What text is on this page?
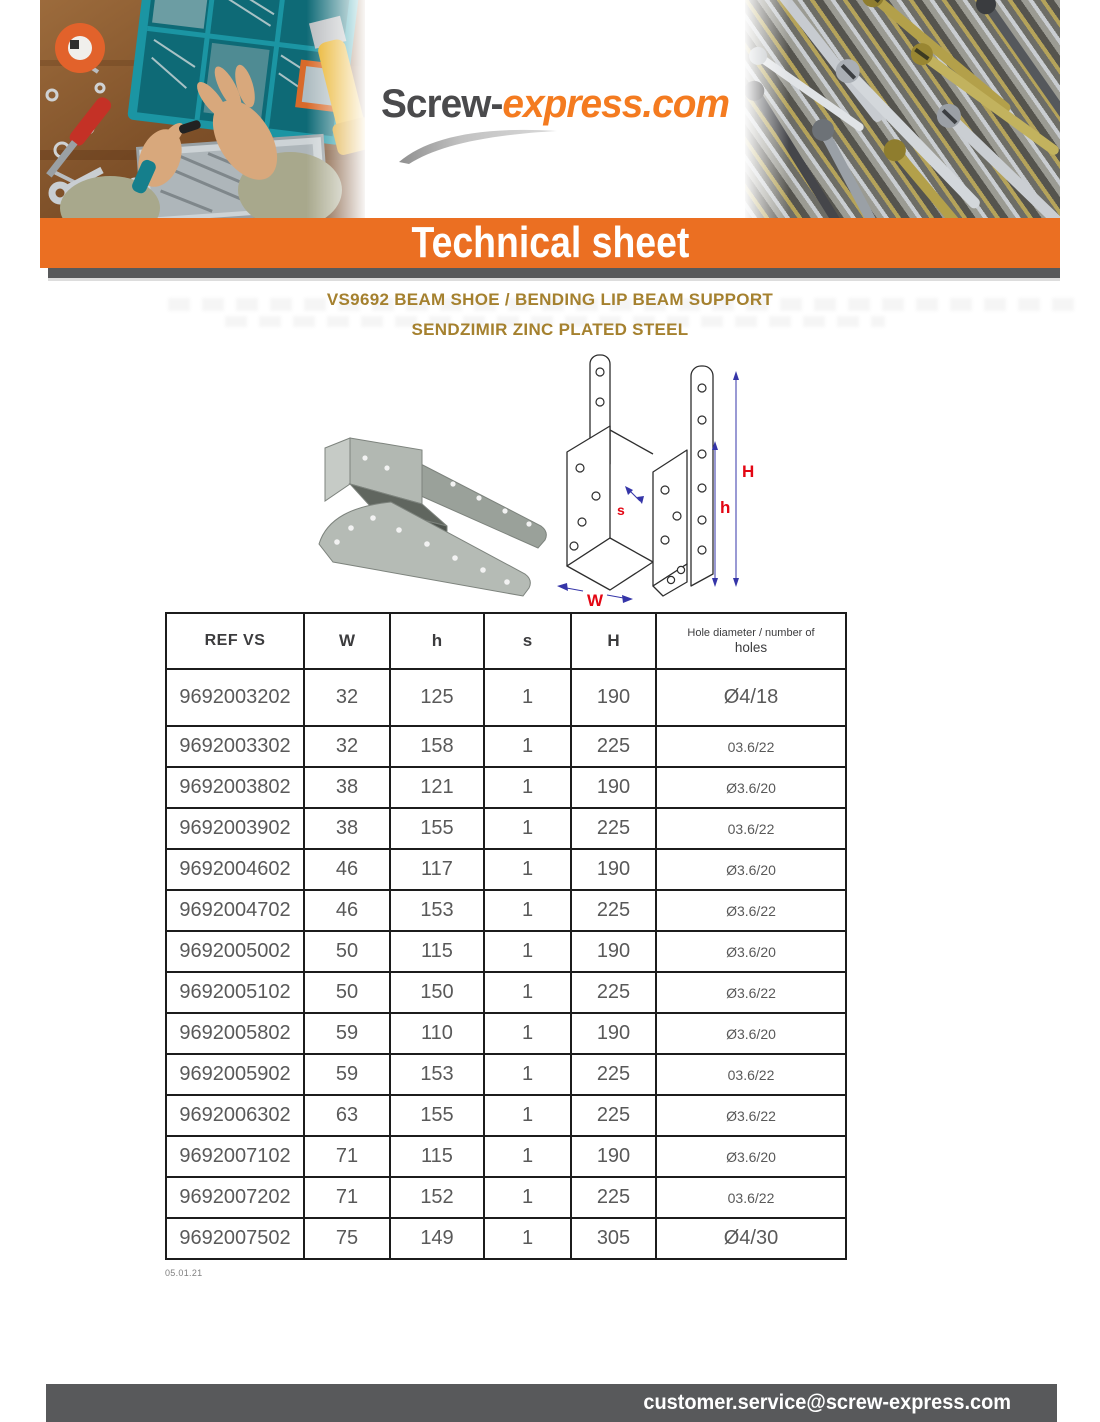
Screw-express.com
Technical sheet
VS9692 BEAM SHOE / BENDING LIP BEAM SUPPORT
SENDZIMIR ZINC PLATED STEEL
H
h
s
W
REF VS	W	h	s	H	Hole diameter / number of
holes

9692003202	32	125	1	190	Ø4/18
9692003302	32	158	1	225	03.6/22
9692003802	38	121	1	190	Ø3.6/20
9692003902	38	155	1	225	03.6/22
9692004602	46	117	1	190	Ø3.6/20
9692004702	46	153	1	225	Ø3.6/22
9692005002	50	115	1	190	Ø3.6/20
9692005102	50	150	1	225	Ø3.6/22
9692005802	59	110	1	190	Ø3.6/20
9692005902	59	153	1	225	03.6/22
9692006302	63	155	1	225	Ø3.6/22
9692007102	71	115	1	190	Ø3.6/20
9692007202	71	152	1	225	03.6/22
9692007502	75	149	1	305	Ø4/30
05.01.21
customer.service@screw-express.com
